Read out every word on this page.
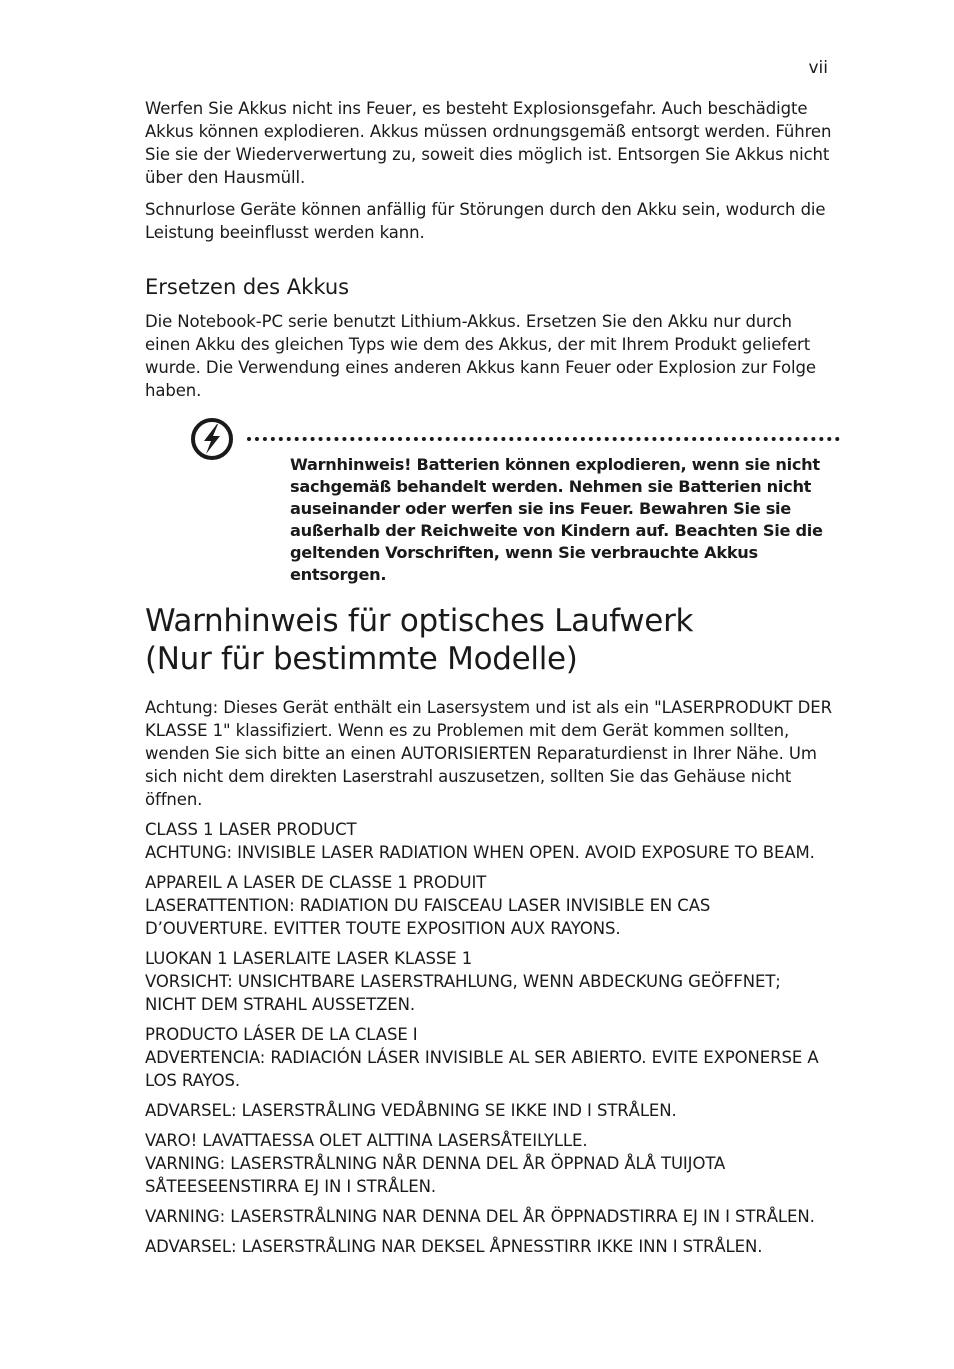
vii

Werfen Sie Akkus nicht ins Feuer, es besteht Explosionsgefahr. Auch beschädigte Akkus können explodieren. Akkus müssen ordnungsgemäß entsorgt werden. Führen Sie sie der Wiederverwertung zu, soweit dies möglich ist. Entsorgen Sie Akkus nicht über den Hausmüll.

Schnurlose Geräte können anfällig für Störungen durch den Akku sein, wodurch die Leistung beeinflusst werden kann.

Ersetzen des Akkus

Die Notebook-PC serie benutzt Lithium-Akkus. Ersetzen Sie den Akku nur durch einen Akku des gleichen Typs wie dem des Akkus, der mit Ihrem Produkt geliefert wurde. Die Verwendung eines anderen Akkus kann Feuer oder Explosion zur Folge haben.

Warnhinweis! Batterien können explodieren, wenn sie nicht sachgemäß behandelt werden. Nehmen sie Batterien nicht auseinander oder werfen sie ins Feuer. Bewahren Sie sie außerhalb der Reichweite von Kindern auf. Beachten Sie die geltenden Vorschriften, wenn Sie verbrauchte Akkus entsorgen.
Warnhinweis für optisches Laufwerk
(Nur für bestimmte Modelle)

Achtung: Dieses Gerät enthält ein Lasersystem und ist als ein "LASERPRODUKT DER KLASSE 1" klassifiziert. Wenn es zu Problemen mit dem Gerät kommen sollten, wenden Sie sich bitte an einen AUTORISIERTEN Reparaturdienst in Ihrer Nähe. Um sich nicht dem direkten Laserstrahl auszusetzen, sollten Sie das Gehäuse nicht öffnen.

CLASS 1 LASER PRODUCT
ACHTUNG: INVISIBLE LASER RADIATION WHEN OPEN. AVOID EXPOSURE TO BEAM.

APPAREIL A LASER DE CLASSE 1 PRODUIT
LASERATTENTION: RADIATION DU FAISCEAU LASER INVISIBLE EN CAS D’OUVERTURE. EVITTER TOUTE EXPOSITION AUX RAYONS.

LUOKAN 1 LASERLAITE LASER KLASSE 1
VORSICHT: UNSICHTBARE LASERSTRAHLUNG, WENN ABDECKUNG GEÖFFNET; NICHT DEM STRAHL AUSSETZEN.

PRODUCTO LÁSER DE LA CLASE I
ADVERTENCIA: RADIACIÓN LÁSER INVISIBLE AL SER ABIERTO. EVITE EXPONERSE A LOS RAYOS.

ADVARSEL: LASERSTRÅLING VEDÅBNING SE IKKE IND I STRÅLEN.

VARO! LAVATTAESSA OLET ALTTINA LASERSÅTEILYLLE.
VARNING: LASERSTRÅLNING NÅR DENNA DEL ÅR ÖPPNAD ÅLÅ TUIJOTA SÅTEESEENSTIRRA EJ IN I STRÅLEN.

VARNING: LASERSTRÅLNING NAR DENNA DEL ÅR ÖPPNADSTIRRA EJ IN I STRÅLEN.

ADVARSEL: LASERSTRÅLING NAR DEKSEL ÅPNESSTIRR IKKE INN I STRÅLEN.
